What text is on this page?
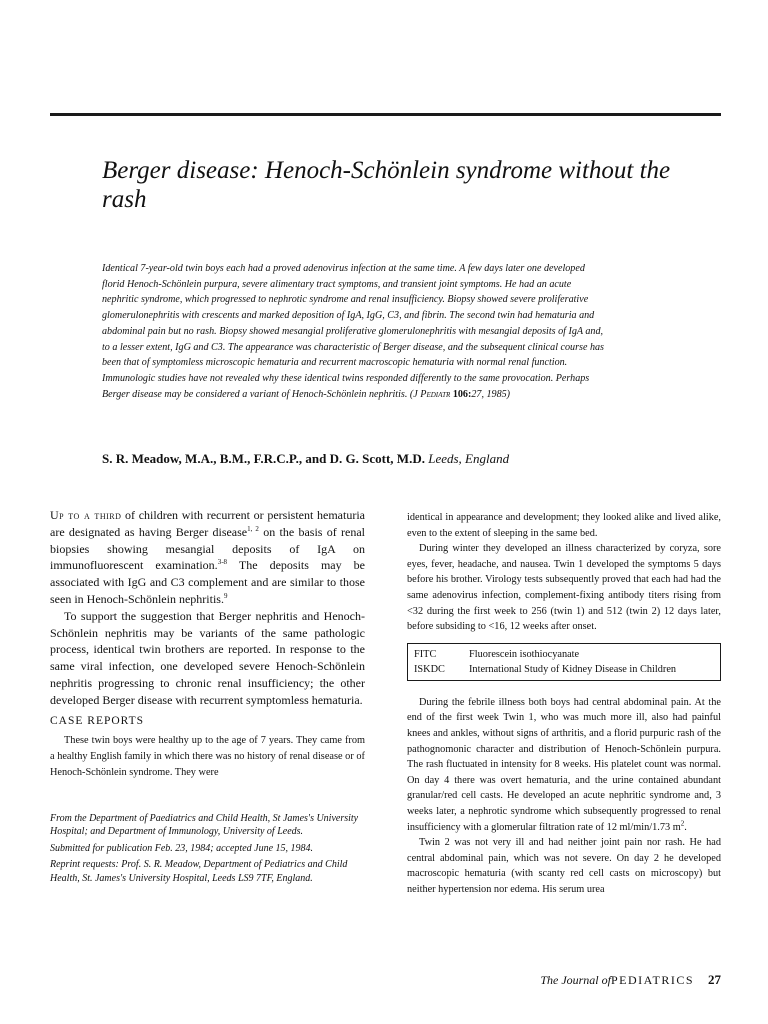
Berger disease: Henoch-Schönlein syndrome without the rash

Identical 7-year-old twin boys each had a proved adenovirus infection at the same time. A few days later one developed florid Henoch-Schönlein purpura, severe alimentary tract symptoms, and transient joint symptoms. He had an acute nephritic syndrome, which progressed to nephrotic syndrome and renal insufficiency. Biopsy showed severe proliferative glomerulonephritis with crescents and marked deposition of IgA, IgG, C3, and fibrin. The second twin had hematuria and abdominal pain but no rash. Biopsy showed mesangial proliferative glomerulonephritis with mesangial deposits of IgA and, to a lesser extent, IgG and C3. The appearance was characteristic of Berger disease, and the subsequent clinical course has been that of symptomless microscopic hematuria and recurrent macroscopic hematuria with normal renal function. Immunologic studies have not revealed why these identical twins responded differently to the same provocation. Perhaps Berger disease may be considered a variant of Henoch-Schönlein nephritis. (J Pediatr 106:27, 1985)

S. R. Meadow, M.A., B.M., F.R.C.P., and D. G. Scott, M.D. Leeds, England

Up to a third of children with recurrent or persistent hematuria are designated as having Berger disease$^{1, 2}$ on the basis of renal biopsies showing mesangial deposits of IgA on immunofluorescent examination.$^{3-8}$ The deposits may be associated with IgG and C3 complement and are similar to those seen in Henoch-Schönlein nephritis.$^9$

To support the suggestion that Berger nephritis and Henoch-Schönlein nephritis may be variants of the same pathologic process, identical twin brothers are reported. In response to the same viral infection, one developed severe Henoch-Schönlein nephritis progressing to chronic renal insufficiency; the other developed Berger disease with recurrent symptomless hematuria.

CASE REPORTS

These twin boys were healthy up to the age of 7 years. They came from a healthy English family in which there was no history of renal disease or of Henoch-Schönlein syndrome. They were

From the Department of Paediatrics and Child Health, St James's University Hospital; and Department of Immunology, University of Leeds.

Submitted for publication Feb. 23, 1984; accepted June 15, 1984.

Reprint requests: Prof. S. R. Meadow, Department of Pediatrics and Child Health, St. James's University Hospital, Leeds LS9 7TF, England.

identical in appearance and development; they looked alike and lived alike, even to the extent of sleeping in the same bed.

During winter they developed an illness characterized by coryza, sore eyes, fever, headache, and nausea. Twin 1 developed the symptoms 5 days before his brother. Virology tests subsequently proved that each had had the same adenovirus infection, complement-fixing antibody titers rising from <32 during the first week to 256 (twin 1) and 512 (twin 2) 12 days later, before subsiding to <16, 12 weeks after onset.

FITC	Fluorescein isothiocyanate
ISKDC	International Study of Kidney Disease in Children

During the febrile illness both boys had central abdominal pain. At the end of the first week Twin 1, who was much more ill, also had painful knees and ankles, without signs of arthritis, and a florid purpuric rash of the pathognomonic character and distribution of Henoch-Schönlein purpura. The rash fluctuated in intensity for 8 weeks. His platelet count was normal. On day 4 there was overt hematuria, and the urine contained abundant granular/red cell casts. He developed an acute nephritic syndrome and, 3 weeks later, a nephrotic syndrome which subsequently progressed to renal insufficiency with a glomerular filtration rate of 12 ml/min/1.73 $m^2$.

Twin 2 was not very ill and had neither joint pain nor rash. He had central abdominal pain, which was not severe. On day 2 he developed macroscopic hematuria (with scanty red cell casts on microscopy) but neither hypertension nor edema. His serum urea

The Journal ofPEDIATRICS 27
